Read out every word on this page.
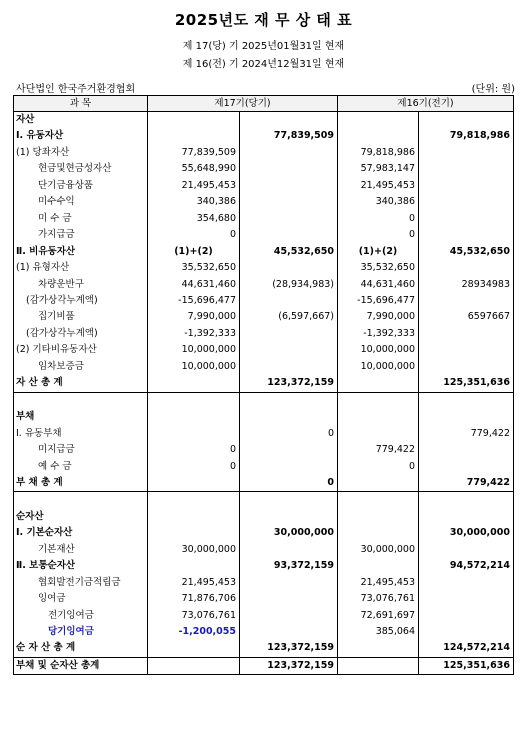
2025년도 재 무 상 태 표
제 17(당) 기 2025년01월31일 현재
제 16(전) 기 2024년12월31일 현재
사단법인 한국주거환경협회	(단위: 원)
과 목	제17기(당기)		제16기(전기)	
자산				
Ⅰ. 유동자산		77,839,509		79,818,986
(1) 당좌자산	77,839,509		79,818,986	
현금및현금성자산	55,648,990		57,983,147	
단기금융상품	21,495,453		21,495,453	
미수수익	340,386		340,386	
미 수 금	354,680		0	
가지급금	0		0	
Ⅱ. 비유동자산	(1)+(2)	45,532,650	(1)+(2)	45,532,650
(1) 유형자산	35,532,650		35,532,650	
차량운반구	44,631,460	(28,934,983)	44,631,460	28934983
(감가상각누계액)	-15,696,477		-15,696,477	
집기비품	7,990,000	(6,597,667)	7,990,000	6597667
(감가상각누계액)	-1,392,333		-1,392,333	
(2) 기타비유동자산	10,000,000		10,000,000	
임차보증금	10,000,000		10,000,000	
자 산 총 계		123,372,159		125,351,636

부채				
Ⅰ. 유동부채		0		779,422
미지급금	0		779,422	
예 수 금	0		0	
부 채 총 계		0		779,422

순자산				
Ⅰ. 기본순자산		30,000,000		30,000,000
기본재산	30,000,000		30,000,000	
Ⅱ. 보통순자산		93,372,159		94,572,214
협회발전기금적립금	21,495,453		21,495,453	
잉여금	71,876,706		73,076,761	
전기잉여금	73,076,761		72,691,697	
당기잉여금	-1,200,055		385,064	
순 자 산 총 계		123,372,159		124,572,214
부채 및 순자산 총계		123,372,159		125,351,636
